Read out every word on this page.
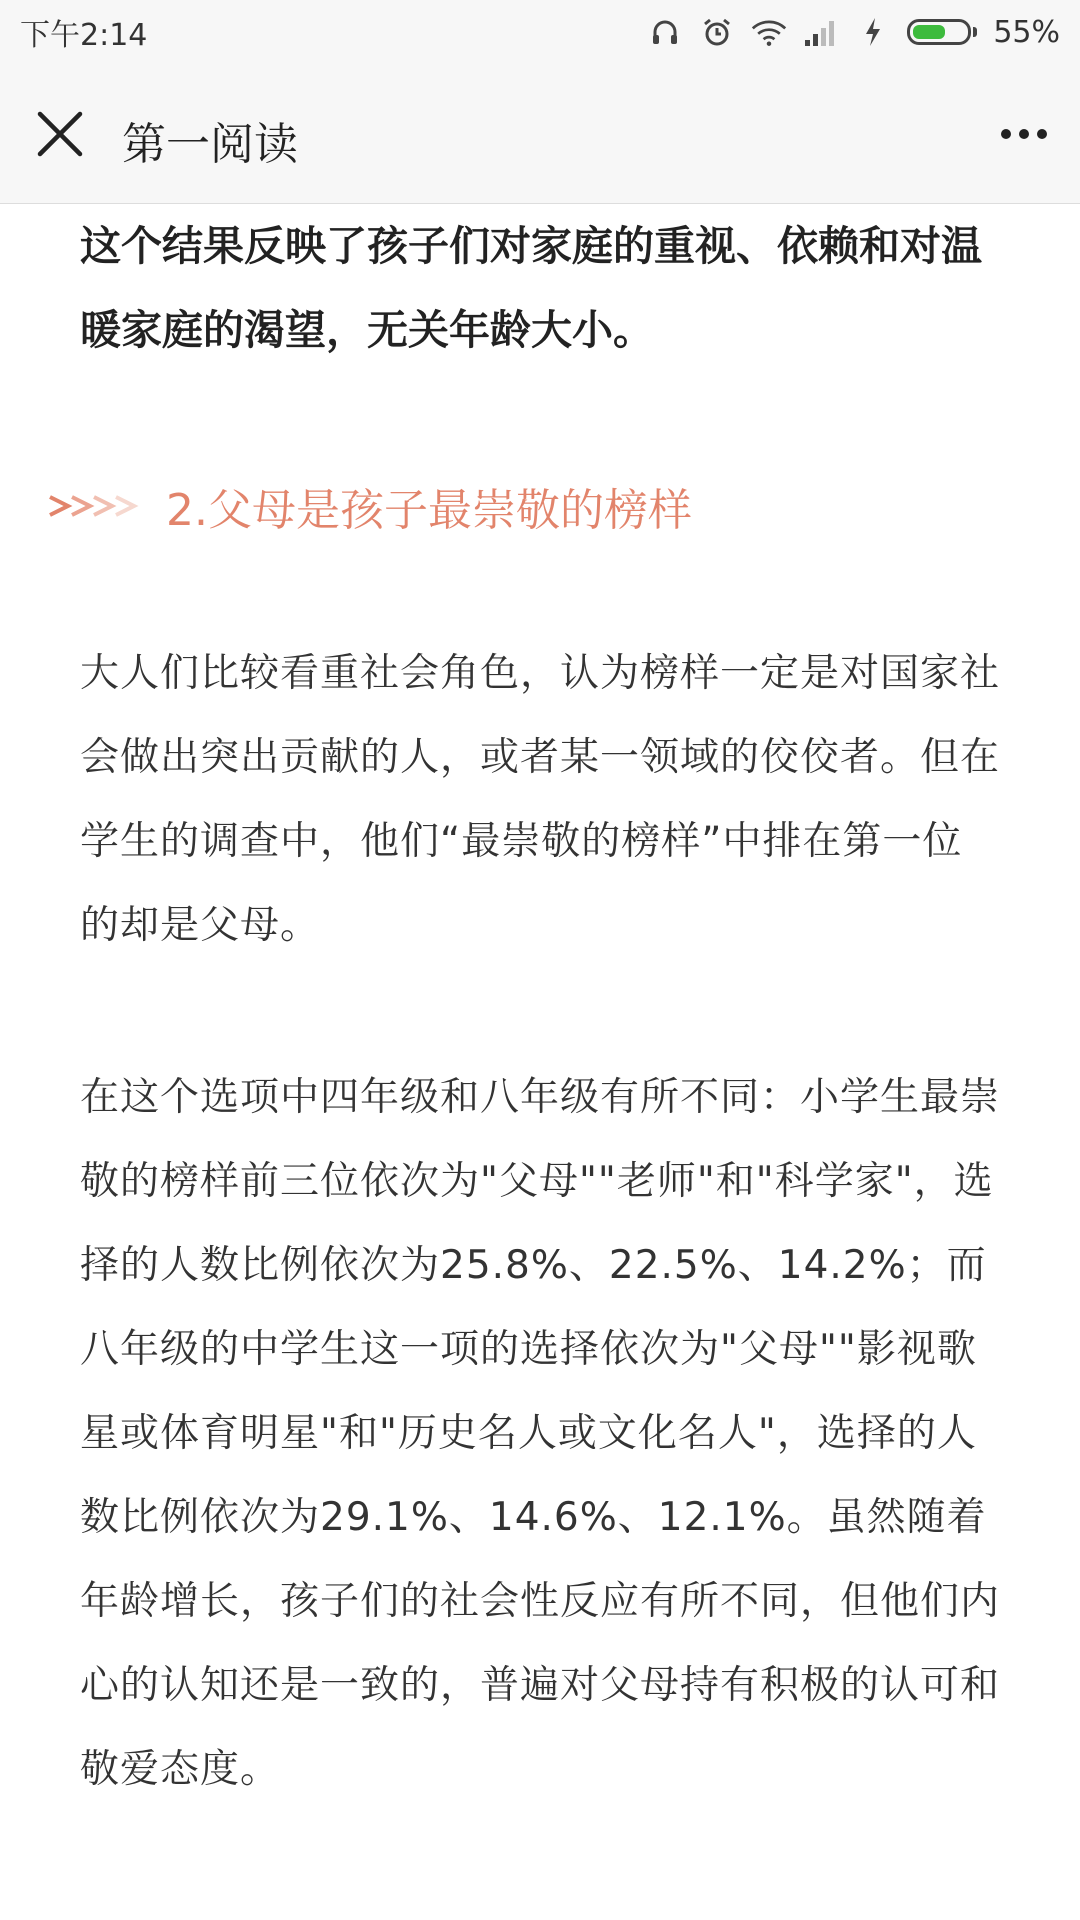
下午2:14	55%
第一阅读

这个结果反映了孩子们对家庭的重视、依赖和对温暖家庭的渴望，无关年龄大小。

2.父母是孩子最崇敬的榜样

大人们比较看重社会角色，认为榜样一定是对国家社会做出突出贡献的人，或者某一领域的佼佼者。但在学生的调查中，他们“最崇敬的榜样”中排在第一位的却是父母。

在这个选项中四年级和八年级有所不同：小学生最崇敬的榜样前三位依次为"父母""老师"和"科学家"，选择的人数比例依次为25.8%、22.5%、14.2%；而八年级的中学生这一项的选择依次为"父母""影视歌星或体育明星"和"历史名人或文化名人"，选择的人数比例依次为29.1%、14.6%、12.1%。虽然随着年龄增长，孩子们的社会性反应有所不同，但他们内心的认知还是一致的，普遍对父母持有积极的认可和敬爱态度。
